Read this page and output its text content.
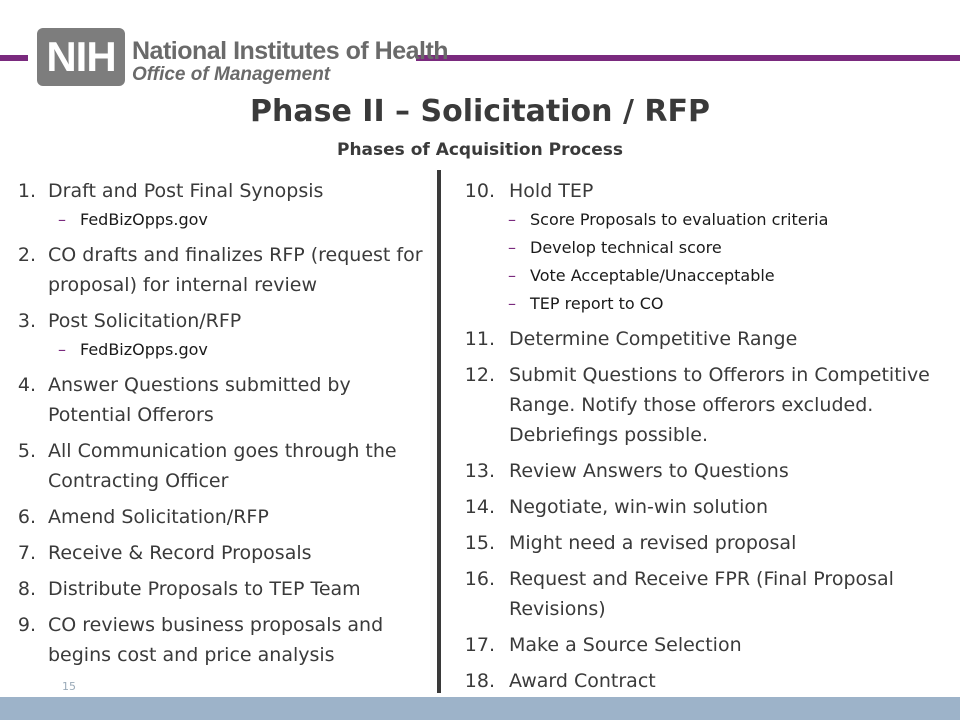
NIH National Institutes of Health
Office of Management
Phase II – Solicitation / RFP
Phases of Acquisition Process
1. Draft and Post Final Synopsis
– FedBizOpps.gov
2. CO drafts and finalizes RFP (request for proposal) for internal review
3. Post Solicitation/RFP
– FedBizOpps.gov
4. Answer Questions submitted by Potential Offerors
5. All Communication goes through the Contracting Officer
6. Amend Solicitation/RFP
7. Receive & Record Proposals
8. Distribute Proposals to TEP Team
9. CO reviews business proposals and begins cost and price analysis
10. Hold TEP
– Score Proposals to evaluation criteria
– Develop technical score
– Vote Acceptable/Unacceptable
– TEP report to CO
11. Determine Competitive Range
12. Submit Questions to Offerors in Competitive Range. Notify those offerors excluded. Debriefings possible.
13. Review Answers to Questions
14. Negotiate, win-win solution
15. Might need a revised proposal
16. Request and Receive FPR (Final Proposal Revisions)
17. Make a Source Selection
18. Award Contract
15
